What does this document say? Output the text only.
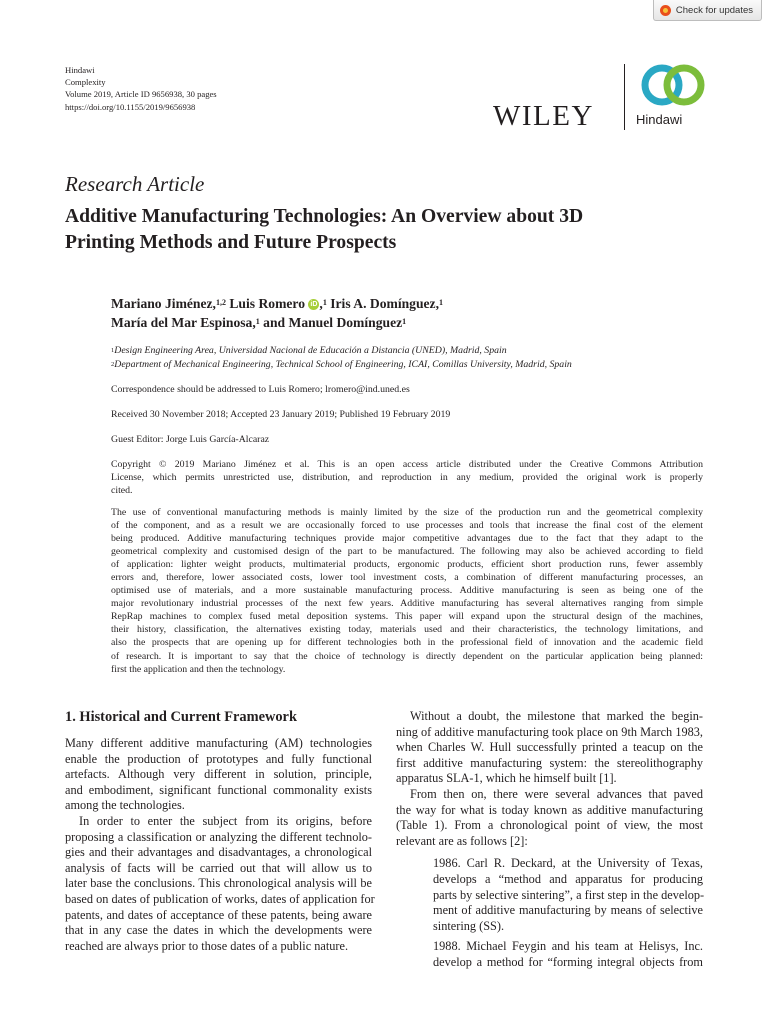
Check for updates
Hindawi
Complexity
Volume 2019, Article ID 9656938, 30 pages
https://doi.org/10.1155/2019/9656938	WILEY	Hindawi
Research Article
Additive Manufacturing Technologies: An Overview about 3D
Printing Methods and Future Prospects
Mariano Jiménez,$^{1,2}$ Luis Romero iD ,$^1$ Iris A. Domínguez,$^1$
María del Mar Espinosa,$^1$ and Manuel Domínguez$^1$
$^1$Design Engineering Area, Universidad Nacional de Educación a Distancia (UNED), Madrid, Spain
$^2$Department of Mechanical Engineering, Technical School of Engineering, ICAI, Comillas University, Madrid, Spain
Correspondence should be addressed to Luis Romero; lromero@ind.uned.es
Received 30 November 2018; Accepted 23 January 2019; Published 19 February 2019
Guest Editor: Jorge Luis García-Alcaraz
Copyright © 2019 Mariano Jiménez et al. This is an open access article distributed under the Creative Commons Attribution
License, which permits unrestricted use, distribution, and reproduction in any medium, provided the original work is properly
cited.

The use of conventional manufacturing methods is mainly limited by the size of the production run and the geometrical complexity
of the component, and as a result we are occasionally forced to use processes and tools that increase the final cost of the element
being produced. Additive manufacturing techniques provide major competitive advantages due to the fact that they adapt to the
geometrical complexity and customised design of the part to be manufactured. The following may also be achieved according to field
of application: lighter weight products, multimaterial products, ergonomic products, efficient short production runs, fewer assembly
errors and, therefore, lower associated costs, lower tool investment costs, a combination of different manufacturing processes, an
optimised use of materials, and a more sustainable manufacturing process. Additive manufacturing is seen as being one of the
major revolutionary industrial processes of the next few years. Additive manufacturing has several alternatives ranging from simple
RepRap machines to complex fused metal deposition systems. This paper will expand upon the structural design of the machines,
their history, classification, the alternatives existing today, materials used and their characteristics, the technology limitations, and
also the prospects that are opening up for different technologies both in the professional field of innovation and the academic field
of research. It is important to say that the choice of technology is directly dependent on the particular application being planned:
first the application and then the technology.

1. Historical and Current Framework
Many different additive manufacturing (AM) technologies
enable the production of prototypes and fully functional
artefacts. Although very different in solution, principle,
and embodiment, significant functional commonality exists
among the technologies.
In order to enter the subject from its origins, before
proposing a classification or analyzing the different technolo-
gies and their advantages and disadvantages, a chronological
analysis of facts will be carried out that will allow us to
later base the conclusions. This chronological analysis will be
based on dates of publication of works, dates of application for
patents, and dates of acceptance of these patents, being aware
that in any case the dates in which the developments were
reached are always prior to those dates of a public nature.
Without a doubt, the milestone that marked the begin-
ning of additive manufacturing took place on 9th March 1983,
when Charles W. Hull successfully printed a teacup on the
first additive manufacturing system: the stereolithography
apparatus SLA-1, which he himself built [1].
From then on, there were several advances that paved
the way for what is today known as additive manufacturing
(Table 1). From a chronological point of view, the most
relevant are as follows [2]:
1986. Carl R. Deckard, at the University of Texas,
develops a “method and apparatus for producing
parts by selective sintering”, a first step in the develop-
ment of additive manufacturing by means of selective
sintering (SS).
1988. Michael Feygin and his team at Helisys, Inc.
develop a method for “forming integral objects from
